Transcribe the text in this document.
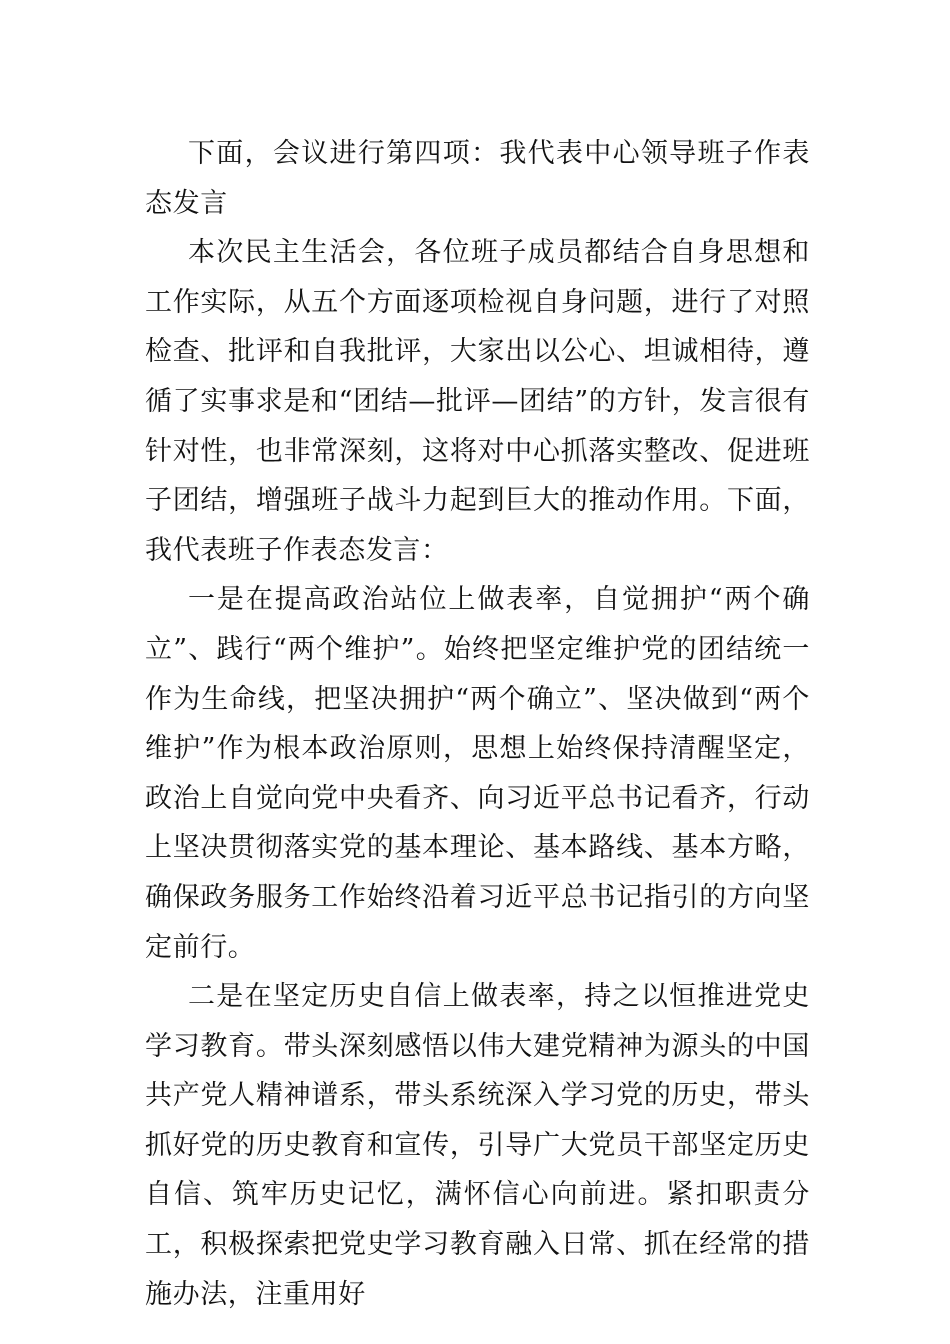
下面，会议进行第四项：我代表中心领导班子作表态发言

本次民主生活会，各位班子成员都结合自身思想和工作实际，从五个方面逐项检视自身问题，进行了对照检查、批评和自我批评，大家出以公心、坦诚相待，遵循了实事求是和“团结—批评—团结”的方针，发言很有针对性，也非常深刻，这将对中心抓落实整改、促进班子团结，增强班子战斗力起到巨大的推动作用。下面，我代表班子作表态发言：

一是在提高政治站位上做表率，自觉拥护“两个确立”、践行“两个维护”。始终把坚定维护党的团结统一作为生命线，把坚决拥护“两个确立”、坚决做到“两个维护”作为根本政治原则，思想上始终保持清醒坚定，政治上自觉向党中央看齐、向习近平总书记看齐，行动上坚决贯彻落实党的基本理论、基本路线、基本方略，确保政务服务工作始终沿着习近平总书记指引的方向坚定前行。

二是在坚定历史自信上做表率，持之以恒推进党史学习教育。带头深刻感悟以伟大建党精神为源头的中国共产党人精神谱系，带头系统深入学习党的历史，带头抓好党的历史教育和宣传，引导广大党员干部坚定历史自信、筑牢历史记忆，满怀信心向前进。紧扣职责分工，积极探索把党史学习教育融入日常、抓在经常的措施办法，注重用好
